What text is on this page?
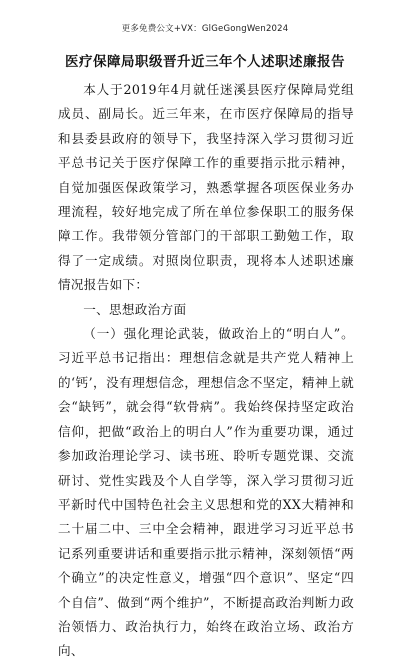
更多免费公文+VX：GlGeGongWen2024
医疗保障局职级晋升近三年个人述职述廉报告

本人于2019年4月就任迷溪县医疗保障局党组成员、副局长。近三年来，在市医疗保障局的指导和县委县政府的领导下，我坚持深入学习贯彻习近平总书记关于医疗保障工作的重要指示批示精神，自觉加强医保政策学习，熟悉掌握各项医保业务办理流程，较好地完成了所在单位参保职工的服务保障工作。我带领分管部门的干部职工勤勉工作，取得了一定成绩。对照岗位职责，现将本人述职述廉情况报告如下：

一、思想政治方面

（一）强化理论武装，做政治上的“明白人”。习近平总书记指出：理想信念就是共产党人精神上的‘钙’，没有理想信念，理想信念不坚定，精神上就会“缺钙”，就会得“软骨病”。我始终保持坚定政治信仰，把做“政治上的明白人”作为重要功课，通过参加政治理论学习、读书班、聆听专题党课、交流研讨、党性实践及个人自学等，深入学习贯彻习近平新时代中国特色社会主义思想和党的XX大精神和二十届二中、三中全会精神，跟进学习习近平总书记系列重要讲话和重要指示批示精神，深刻领悟“两个确立”的决定性意义，增强“四个意识”、坚定“四个自信”、做到“两个维护”，不断提高政治判断力政治领悟力、政治执行力，始终在政治立场、政治方向、
